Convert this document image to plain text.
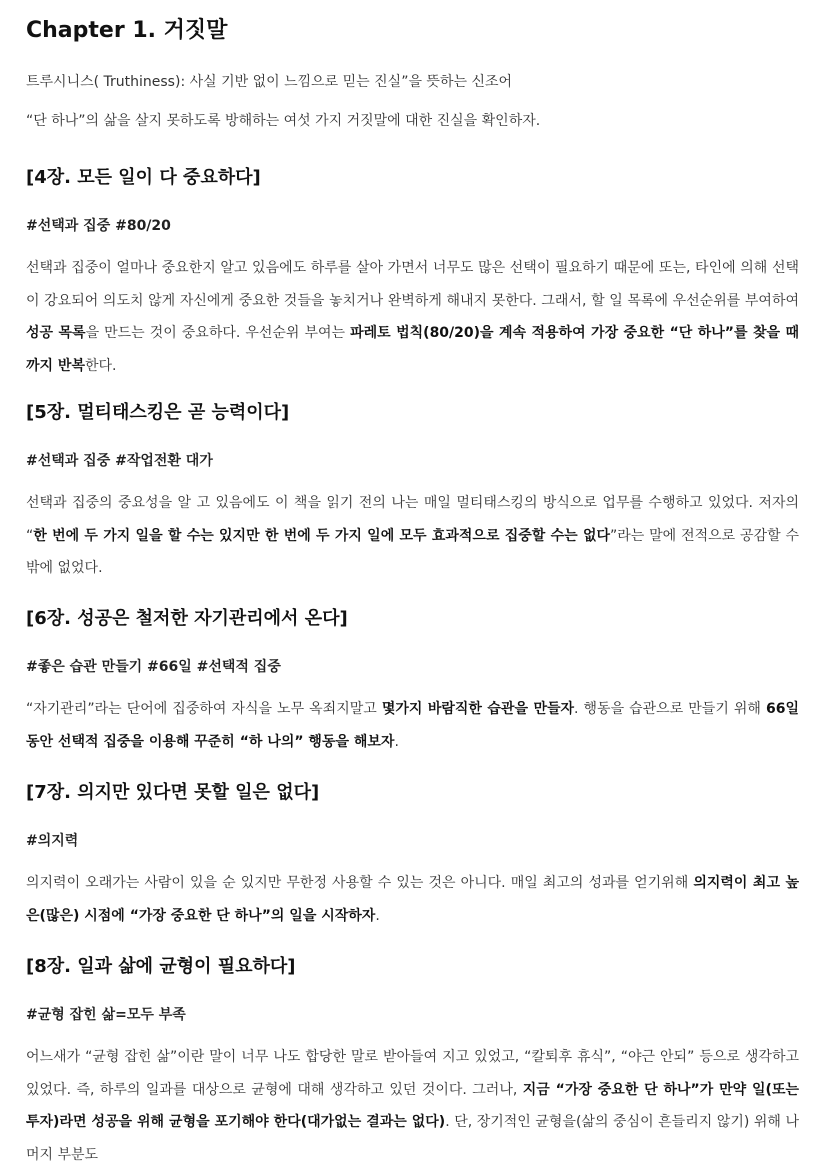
Chapter 1. 거짓말

트루시니스( Truthiness): 사실 기반 없이 느낌으로 믿는 진실”을 뜻하는 신조어

“단 하나”의 삶을 살지 못하도록 방해하는 여섯 가지 거짓말에 대한 진실을 확인하자.

[4장. 모든 일이 다 중요하다]

#선택과 집중 #80/20

선택과 집중이 얼마나 중요한지 알고 있음에도 하루를 살아 가면서 너무도 많은 선택이 필요하기 때문에 또는, 타인에 의해 선택이 강요되어 의도치 않게 자신에게 중요한 것들을 놓치거나 완벽하게 해내지 못한다. 그래서, 할 일 목록에 우선순위를 부여하여 성공 목록을 만드는 것이 중요하다. 우선순위 부여는 파레토 법칙(80/20)을 계속 적용하여 가장 중요한 “단 하나”를 찾을 때까지 반복한다.

[5장. 멀티태스킹은 곧 능력이다]

#선택과 집중 #작업전환 대가

선택과 집중의 중요성을 알 고 있음에도 이 책을 읽기 전의 나는 매일 멀티태스킹의 방식으로 업무를 수행하고 있었다. 저자의 “한 번에 두 가지 일을 할 수는 있지만 한 번에 두 가지 일에 모두 효과적으로 집중할 수는 없다”라는 말에 전적으로 공감할 수 밖에 없었다.

[6장. 성공은 철저한 자기관리에서 온다]

#좋은 습관 만들기 #66일 #선택적 집중

“자기관리”라는 단어에 집중하여 자식을 노무 옥죄지말고 몇가지 바람직한 습관을 만들자. 행동을 습관으로 만들기 위해 66일동안 선택적 집중을 이용해 꾸준히 “하 나의” 행동을 해보자.

[7장. 의지만 있다면 못할 일은 없다]

#의지력

의지력이 오래가는 사람이 있을 순 있지만 무한정 사용할 수 있는 것은 아니다. 매일 최고의 성과를 얻기위해 의지력이 최고 높은(많은) 시점에 “가장 중요한 단 하나”의 일을 시작하자.

[8장. 일과 삶에 균형이 필요하다]

#균형 잡힌 삶=모두 부족

어느새가 “균형 잡힌 삶”이란 말이 너무 나도 합당한 말로 받아들여 지고 있었고, “칼퇴후 휴식”, “야근 안되” 등으로 생각하고 있었다. 즉, 하루의 일과를 대상으로 균형에 대해 생각하고 있던 것이다. 그러나, 지금 “가장 중요한 단 하나”가 만약 일(또는 투자)라면 성공을 위해 균형을 포기해야 한다(대가없는 결과는 없다). 단, 장기적인 균형을(삶의 중심이 흔들리지 않기) 위해 나머지 부분도
